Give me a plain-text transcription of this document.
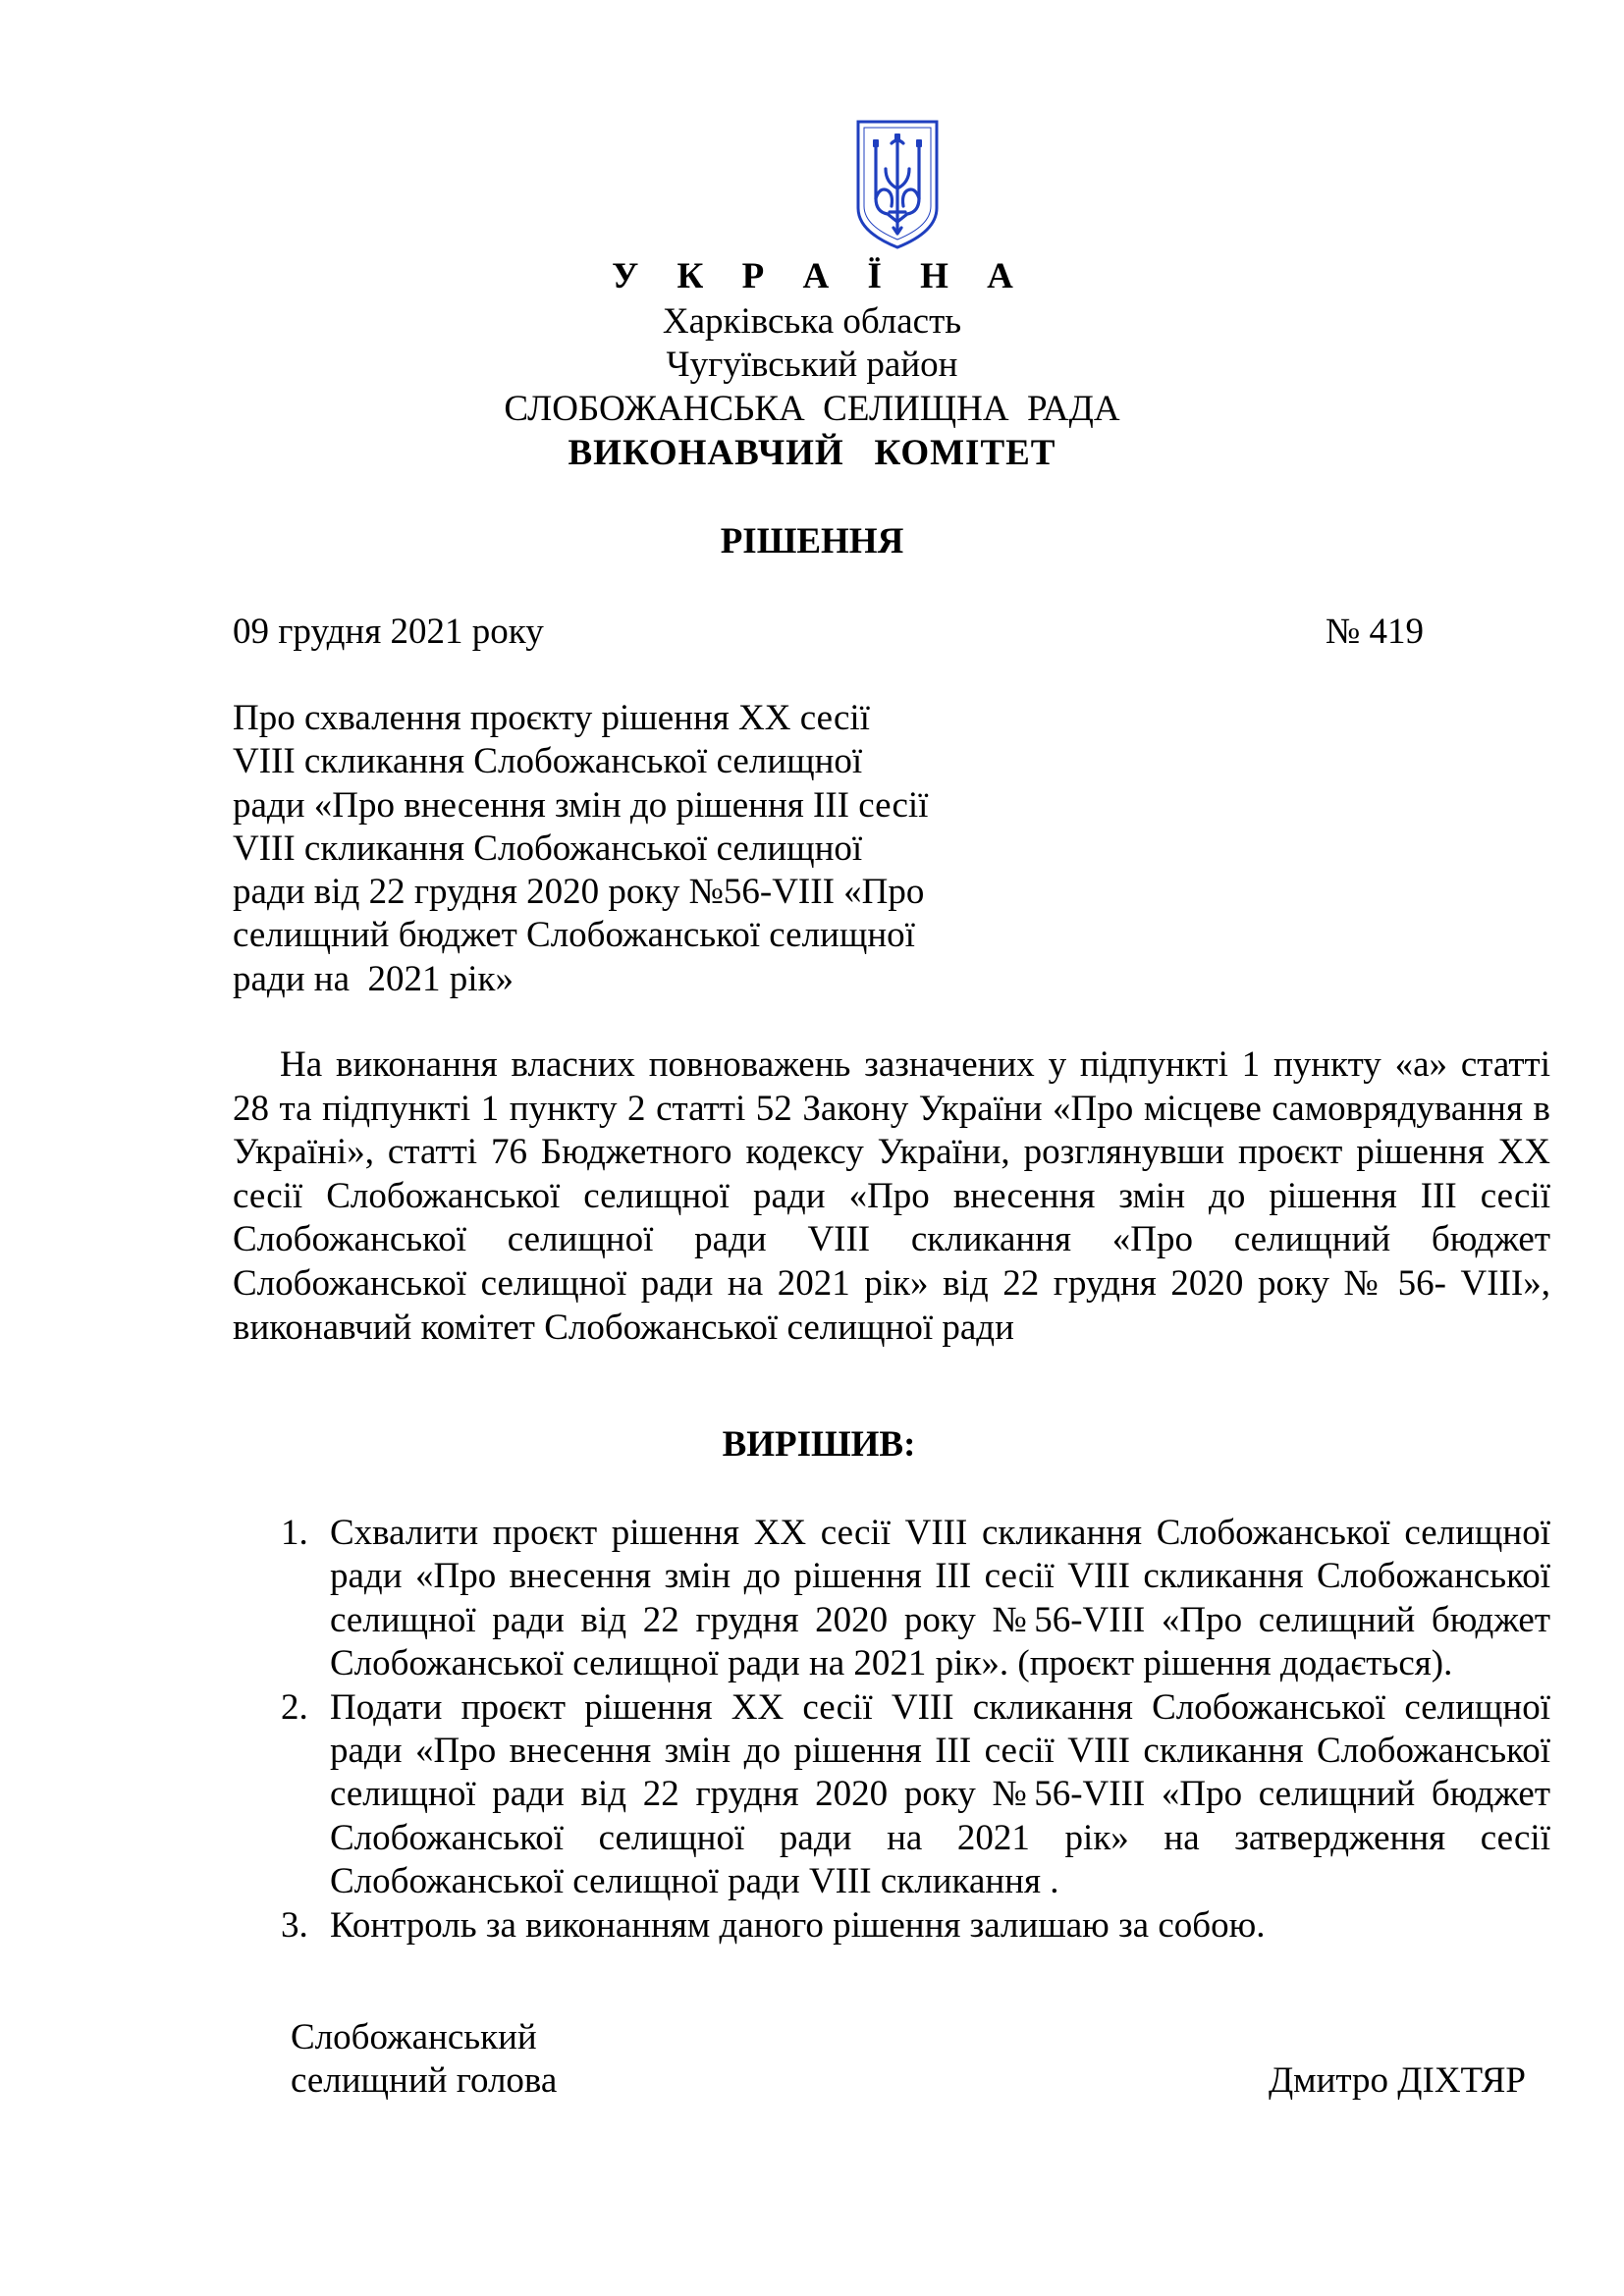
У К Р А Ї Н А
Харківська область
Чугуївський район
СЛОБОЖАНСЬКА  СЕЛИЩНА  РАДА
ВИКОНАВЧИЙ   КОМІТЕТ
РІШЕННЯ
09 грудня 2021 року	№ 419
Про схвалення проєкту рішення XX сесії
VIII скликання Слобожанської селищної
ради «Про внесення змін до рішення III сесії
VIII скликання Слобожанської селищної
ради від 22 грудня 2020 року №56-VIII «Про
селищний бюджет Слобожанської селищної
ради на  2021 рік»
На виконання власних повноважень зазначених у підпункті 1 пункту «а» статті 28 та підпункті 1 пункту 2 статті 52 Закону України «Про місцеве самоврядування в Україні», статті 76 Бюджетного кодексу України, розглянувши проєкт рішення XX сесії Слобожанської селищної ради «Про внесення змін до рішення III сесії Слобожанської селищної ради VIII скликання «Про селищний бюджет Слобожанської селищної ради на 2021 рік» від 22 грудня 2020 року № 56- VIII», виконавчий комітет Слобожанської селищної ради
ВИРІШИВ:
1. Схвалити проєкт рішення XX сесії VIII скликання Слобожанської селищної ради «Про внесення змін до рішення III сесії VIII скликання Слобожанської селищної ради від 22 грудня 2020 року №56-VIII «Про селищний бюджет Слобожанської селищної ради на 2021 рік». (проєкт рішення додається).
2. Подати проєкт рішення XX сесії VIII скликання Слобожанської селищної ради «Про внесення змін до рішення III сесії VIII скликання Слобожанської селищної ради від 22 грудня 2020 року №56-VIII «Про селищний бюджет Слобожанської селищної ради на 2021 рік» на затвердження сесії Слобожанської селищної ради VIII скликання .
3. Контроль за виконанням даного рішення залишаю за собою.
Слобожанський
селищний голова	Дмитро ДІХТЯР
